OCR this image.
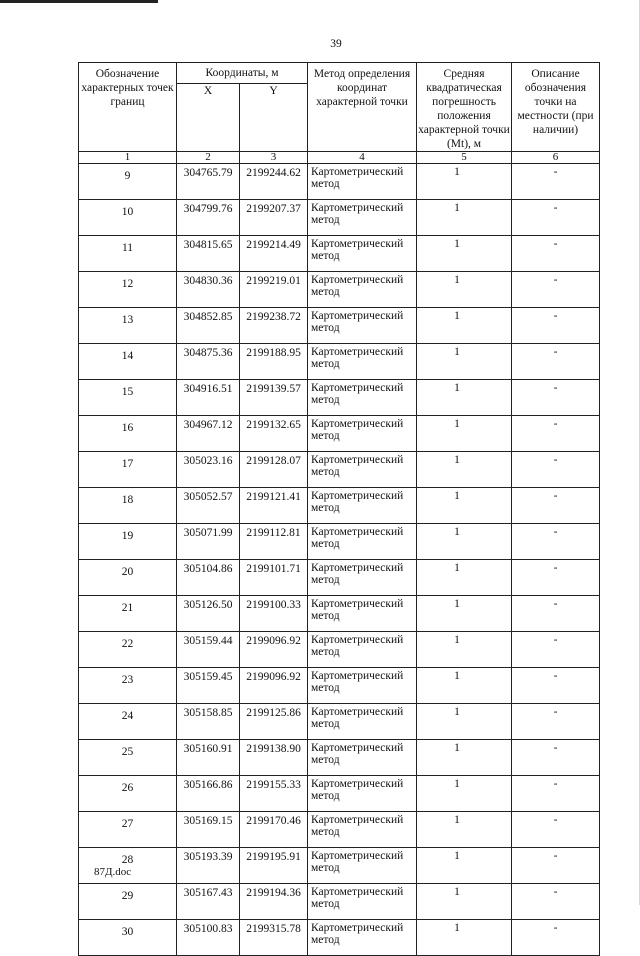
39
Обозначение характерных точек границ	Координаты, м		Метод определения координат характерной точки	Средняя квадратическая погрешность положения характерной точки (Mt), м	Описание обозначения точки на местности (при наличии)
	X	Y			
1	2	3	4	5	6
9	304765.79	2199244.62	Картометрический метод	1	-
10	304799.76	2199207.37	Картометрический метод	1	-
11	304815.65	2199214.49	Картометрический метод	1	-
12	304830.36	2199219.01	Картометрический метод	1	-
13	304852.85	2199238.72	Картометрический метод	1	-
14	304875.36	2199188.95	Картометрический метод	1	-
15	304916.51	2199139.57	Картометрический метод	1	-
16	304967.12	2199132.65	Картометрический метод	1	-
17	305023.16	2199128.07	Картометрический метод	1	-
18	305052.57	2199121.41	Картометрический метод	1	-
19	305071.99	2199112.81	Картометрический метод	1	-
20	305104.86	2199101.71	Картометрический метод	1	-
21	305126.50	2199100.33	Картометрический метод	1	-
22	305159.44	2199096.92	Картометрический метод	1	-
23	305159.45	2199096.92	Картометрический метод	1	-
24	305158.85	2199125.86	Картометрический метод	1	-
25	305160.91	2199138.90	Картометрический метод	1	-
26	305166.86	2199155.33	Картометрический метод	1	-
27	305169.15	2199170.46	Картометрический метод	1	-
28	305193.39	2199195.91	Картометрический метод	1	-
29	305167.43	2199194.36	Картометрический метод	1	-
30	305100.83	2199315.78	Картометрический метод	1	-
87Д.doc
